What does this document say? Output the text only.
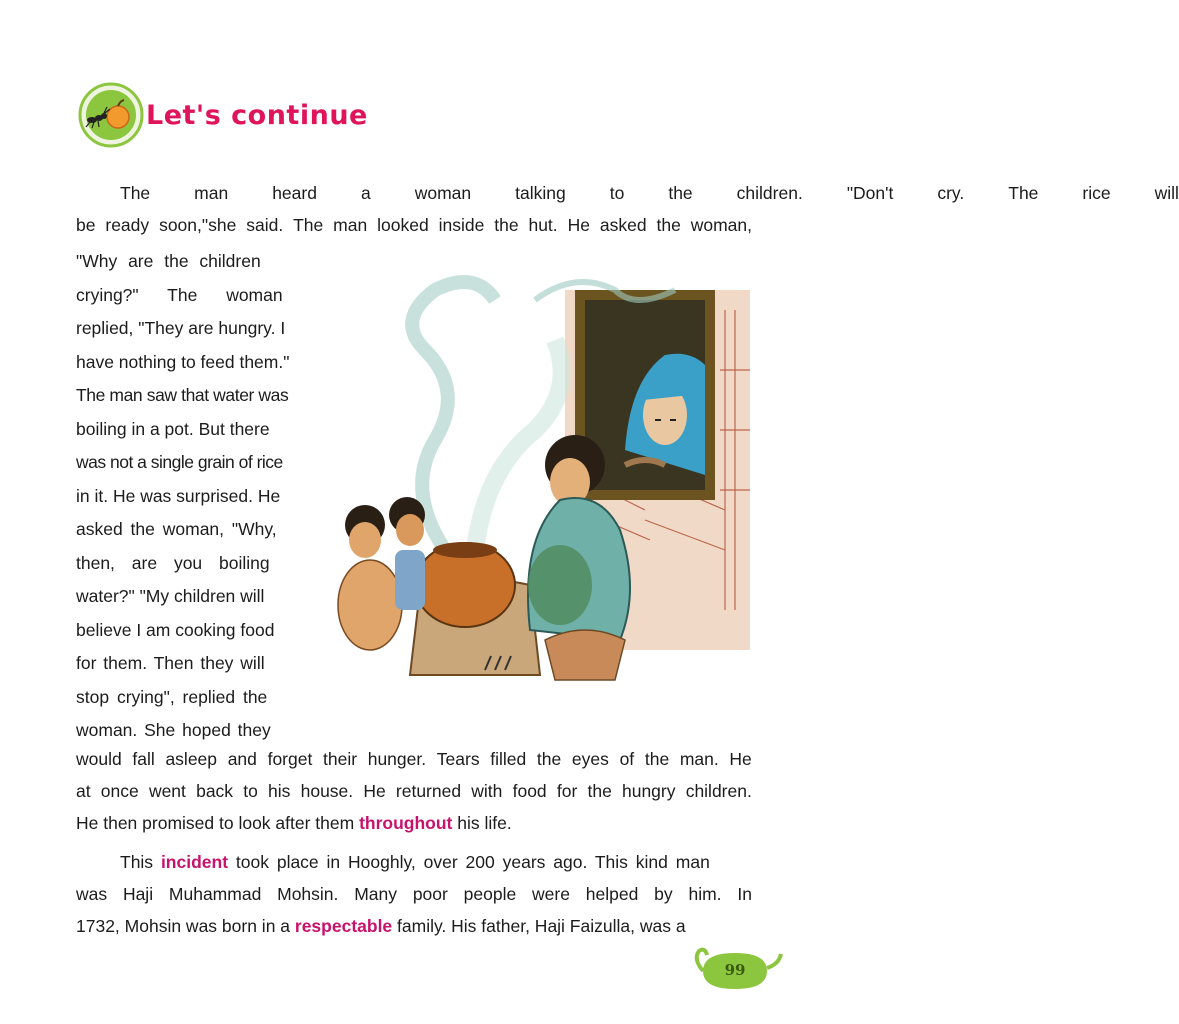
Let's continue
The	man	heard	a	woman	talking	to	the	children.	"Don't	cry.	The	rice	will
be ready soon,"she said. The man looked inside the hut. He asked the woman,
"Why are the children
crying?" The woman
replied, "They are hungry. I
have nothing to feed them."
The man saw that water was
boiling in a pot. But there
was not a single grain of rice
in it. He was surprised. He
asked the woman, "Why,
then, are you boiling
water?" "My children will
believe I am cooking food
for them. Then they will
stop crying", replied the
woman. She hoped they
would fall asleep and forget their hunger. Tears filled the eyes of the man. He
at once went back to his house. He returned with food for the hungry children.
He then promised to look after them throughout his life.
This incident took place in Hooghly, over 200 years ago. This kind man
was Haji Muhammad Mohsin. Many poor people were helped by him. In
1732, Mohsin was born in a respectable family. His father, Haji Faizulla, was a
99
